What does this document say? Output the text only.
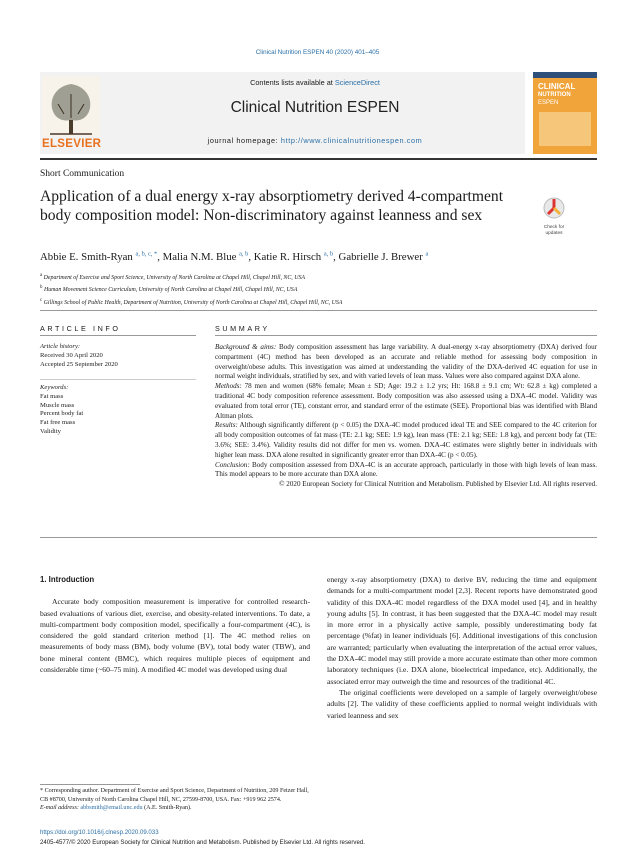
Clinical Nutrition ESPEN 40 (2020) 401–405
ELSEVIER
Contents lists available at ScienceDirect
Clinical Nutrition ESPEN
journal homepage: http://www.clinicalnutritionespen.com
CLINICAL
NUTRITION
ESPEN
Short Communication
Application of a dual energy x-ray absorptiometry derived 4-compartment body composition model: Non-discriminatory against leanness and sex
Check for
updates
Abbie E. Smith-Ryan $^{a, b, c, *}$, Malia N.M. Blue $^{a, b}$, Katie R. Hirsch $^{a, b}$, Gabrielle J. Brewer $^a$
$^a$ Department of Exercise and Sport Science, University of North Carolina at Chapel Hill, Chapel Hill, NC, USA
$^b$ Human Movement Science Curriculum, University of North Carolina at Chapel Hill, Chapel Hill, NC, USA
$^c$ Gillings School of Public Health, Department of Nutrition, University of North Carolina at Chapel Hill, Chapel Hill, NC, USA
ARTICLE INFO
Article history:
Received 30 April 2020
Accepted 25 September 2020
Keywords:
Fat mass
Muscle mass
Percent body fat
Fat free mass
Validity
SUMMARY

Background & aims: Body composition assessment has large variability. A dual-energy x-ray absorptiometry (DXA) derived four compartment (4C) method has been developed as an accurate and reliable method for assessing body composition in overweight/obese adults. This investigation was aimed at understanding the validity of the DXA-derived 4C equation for use in normal weight individuals, stratified by sex, and with varied levels of lean mass. Values were also compared against DXA alone.

Methods: 78 men and women (68% female; Mean ± SD; Age: 19.2 ± 1.2 yrs; Ht: 168.8 ± 9.1 cm; Wt: 62.8 ± kg) completed a traditional 4C body composition reference assessment. Body composition was also assessed using a DXA-4C model. Validity was evaluated from total error (TE), constant error, and standard error of the estimate (SEE). Proportional bias was identified with Bland Altman plots.

Results: Although significantly different (p < 0.05) the DXA-4C model produced ideal TE and SEE compared to the 4C criterion for all body composition outcomes of fat mass (TE: 2.1 kg; SEE: 1.9 kg), lean mass (TE: 2.1 kg; SEE: 1.8 kg), and percent body fat (TE: 3.6%; SEE: 3.4%). Validity results did not differ for men vs. women. DXA-4C estimates were slightly better in individuals with higher lean mass. DXA alone resulted in significantly greater error than DXA-4C (p < 0.05).

Conclusion: Body composition assessed from DXA-4C is an accurate approach, particularly in those with high levels of lean mass. This model appears to be more accurate than DXA alone.

© 2020 European Society for Clinical Nutrition and Metabolism. Published by Elsevier Ltd. All rights reserved.

1. Introduction

Accurate body composition measurement is imperative for controlled research-based evaluations of various diet, exercise, and obesity-related interventions. To date, a multi-compartment body composition model, specifically a four-compartment (4C), is considered the gold standard criterion method [1]. The 4C method relies on measurements of body mass (BM), body volume (BV), total body water (TBW), and bone mineral content (BMC), which requires multiple pieces of equipment and considerable time (~60–75 min). A modified 4C model was developed using dual

energy x-ray absorptiometry (DXA) to derive BV, reducing the time and equipment demands for a multi-compartment model [2,3]. Recent reports have demonstrated good validity of this DXA-4C model regardless of the DXA model used [4], and in healthy young adults [5]. In contrast, it has been suggested that the DXA-4C model may result in more error in a physically active sample, possibly underestimating body fat percentage (%fat) in leaner individuals [6]. Additional investigations of this conclusion are warranted; particularly when evaluating the interpretation of the actual error values, the DXA-4C model may still provide a more accurate estimate than other more common laboratory techniques (i.e. DXA alone, bioelectrical impedance, etc). Additionally, the associated error may outweigh the time and resources of the traditional 4C.

The original coefficients were developed on a sample of largely overweight/obese adults [2]. The validity of these coefficients applied to normal weight individuals with varied leanness and sex

* Corresponding author. Department of Exercise and Sport Science, Department of Nutrition, 209 Fetzer Hall, CB #8700, University of North Carolina Chapel Hill, NC, 27599-8700, USA. Fax: +919 962 2574.
E-mail address: abbsmith@email.unc.edu (A.E. Smith-Ryan).
https://doi.org/10.1016/j.clnesp.2020.09.033
2405-4577/© 2020 European Society for Clinical Nutrition and Metabolism. Published by Elsevier Ltd. All rights reserved.
